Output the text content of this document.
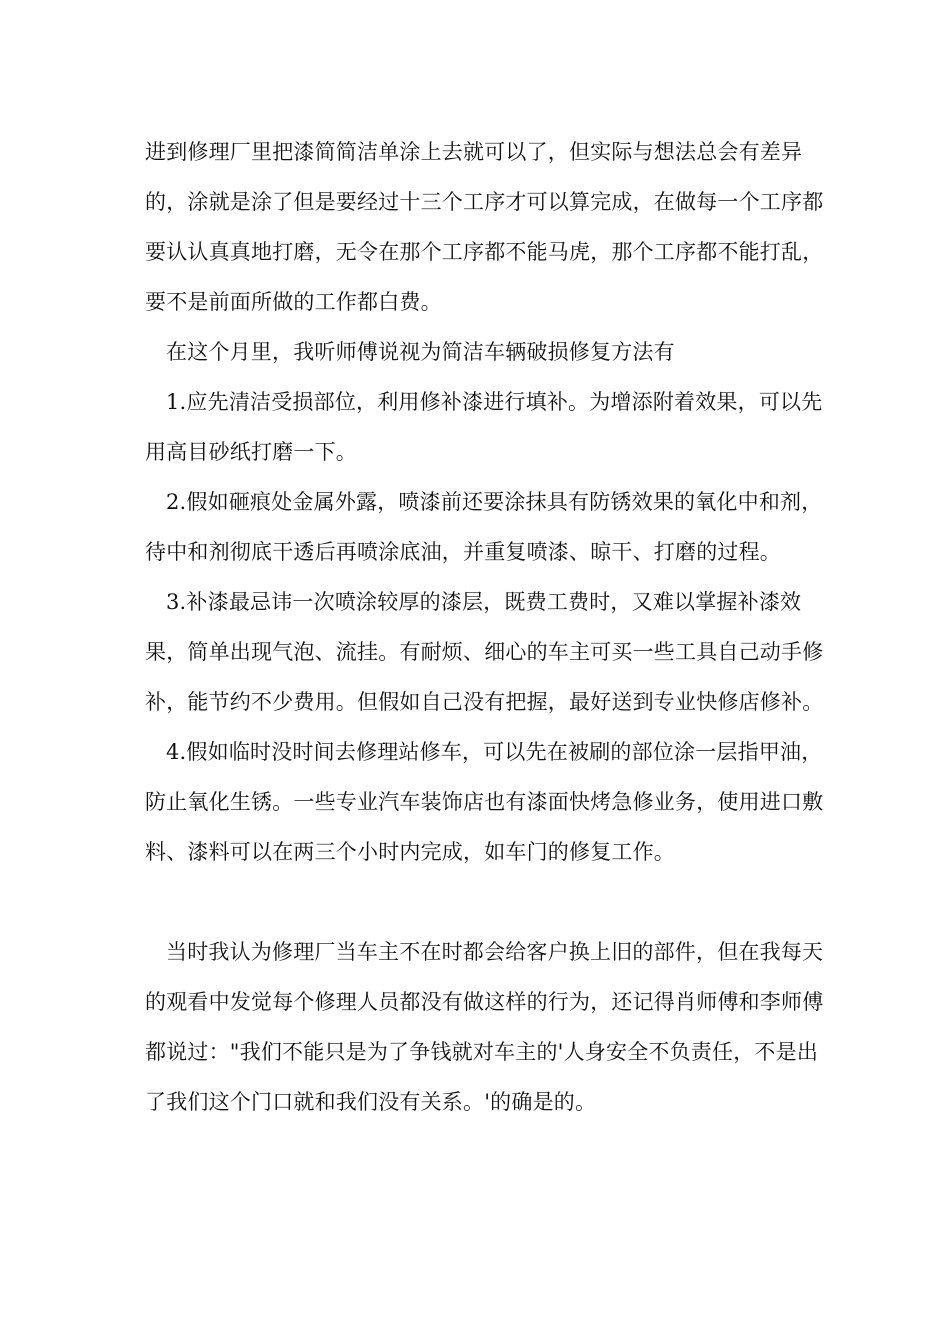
进到修理厂里把漆简简洁单涂上去就可以了，但实际与想法总会有差异的，涂就是涂了但是要经过十三个工序才可以算完成，在做每一个工序都要认认真真地打磨，无令在那个工序都不能马虎，那个工序都不能打乱，要不是前面所做的工作都白费。

在这个月里，我听师傅说视为简洁车辆破损修复方法有

1.应先清洁受损部位，利用修补漆进行填补。为增添附着效果，可以先用高目砂纸打磨一下。

2.假如砸痕处金属外露，喷漆前还要涂抹具有防锈效果的氧化中和剂，待中和剂彻底干透后再喷涂底油，并重复喷漆、晾干、打磨的过程。

3.补漆最忌讳一次喷涂较厚的漆层，既费工费时，又难以掌握补漆效果，简单出现气泡、流挂。有耐烦、细心的车主可买一些工具自己动手修补，能节约不少费用。但假如自己没有把握，最好送到专业快修店修补。

4.假如临时没时间去修理站修车，可以先在被刷的部位涂一层指甲油，防止氧化生锈。一些专业汽车装饰店也有漆面快烤急修业务，使用进口敷料、漆料可以在两三个小时内完成，如车门的修复工作。

当时我认为修理厂当车主不在时都会给客户换上旧的部件，但在我每天的观看中发觉每个修理人员都没有做这样的行为，还记得肖师傅和李师傅都说过："我们不能只是为了争钱就对车主的'人身安全不负责任，不是出了我们这个门口就和我们没有关系。'的确是的。
